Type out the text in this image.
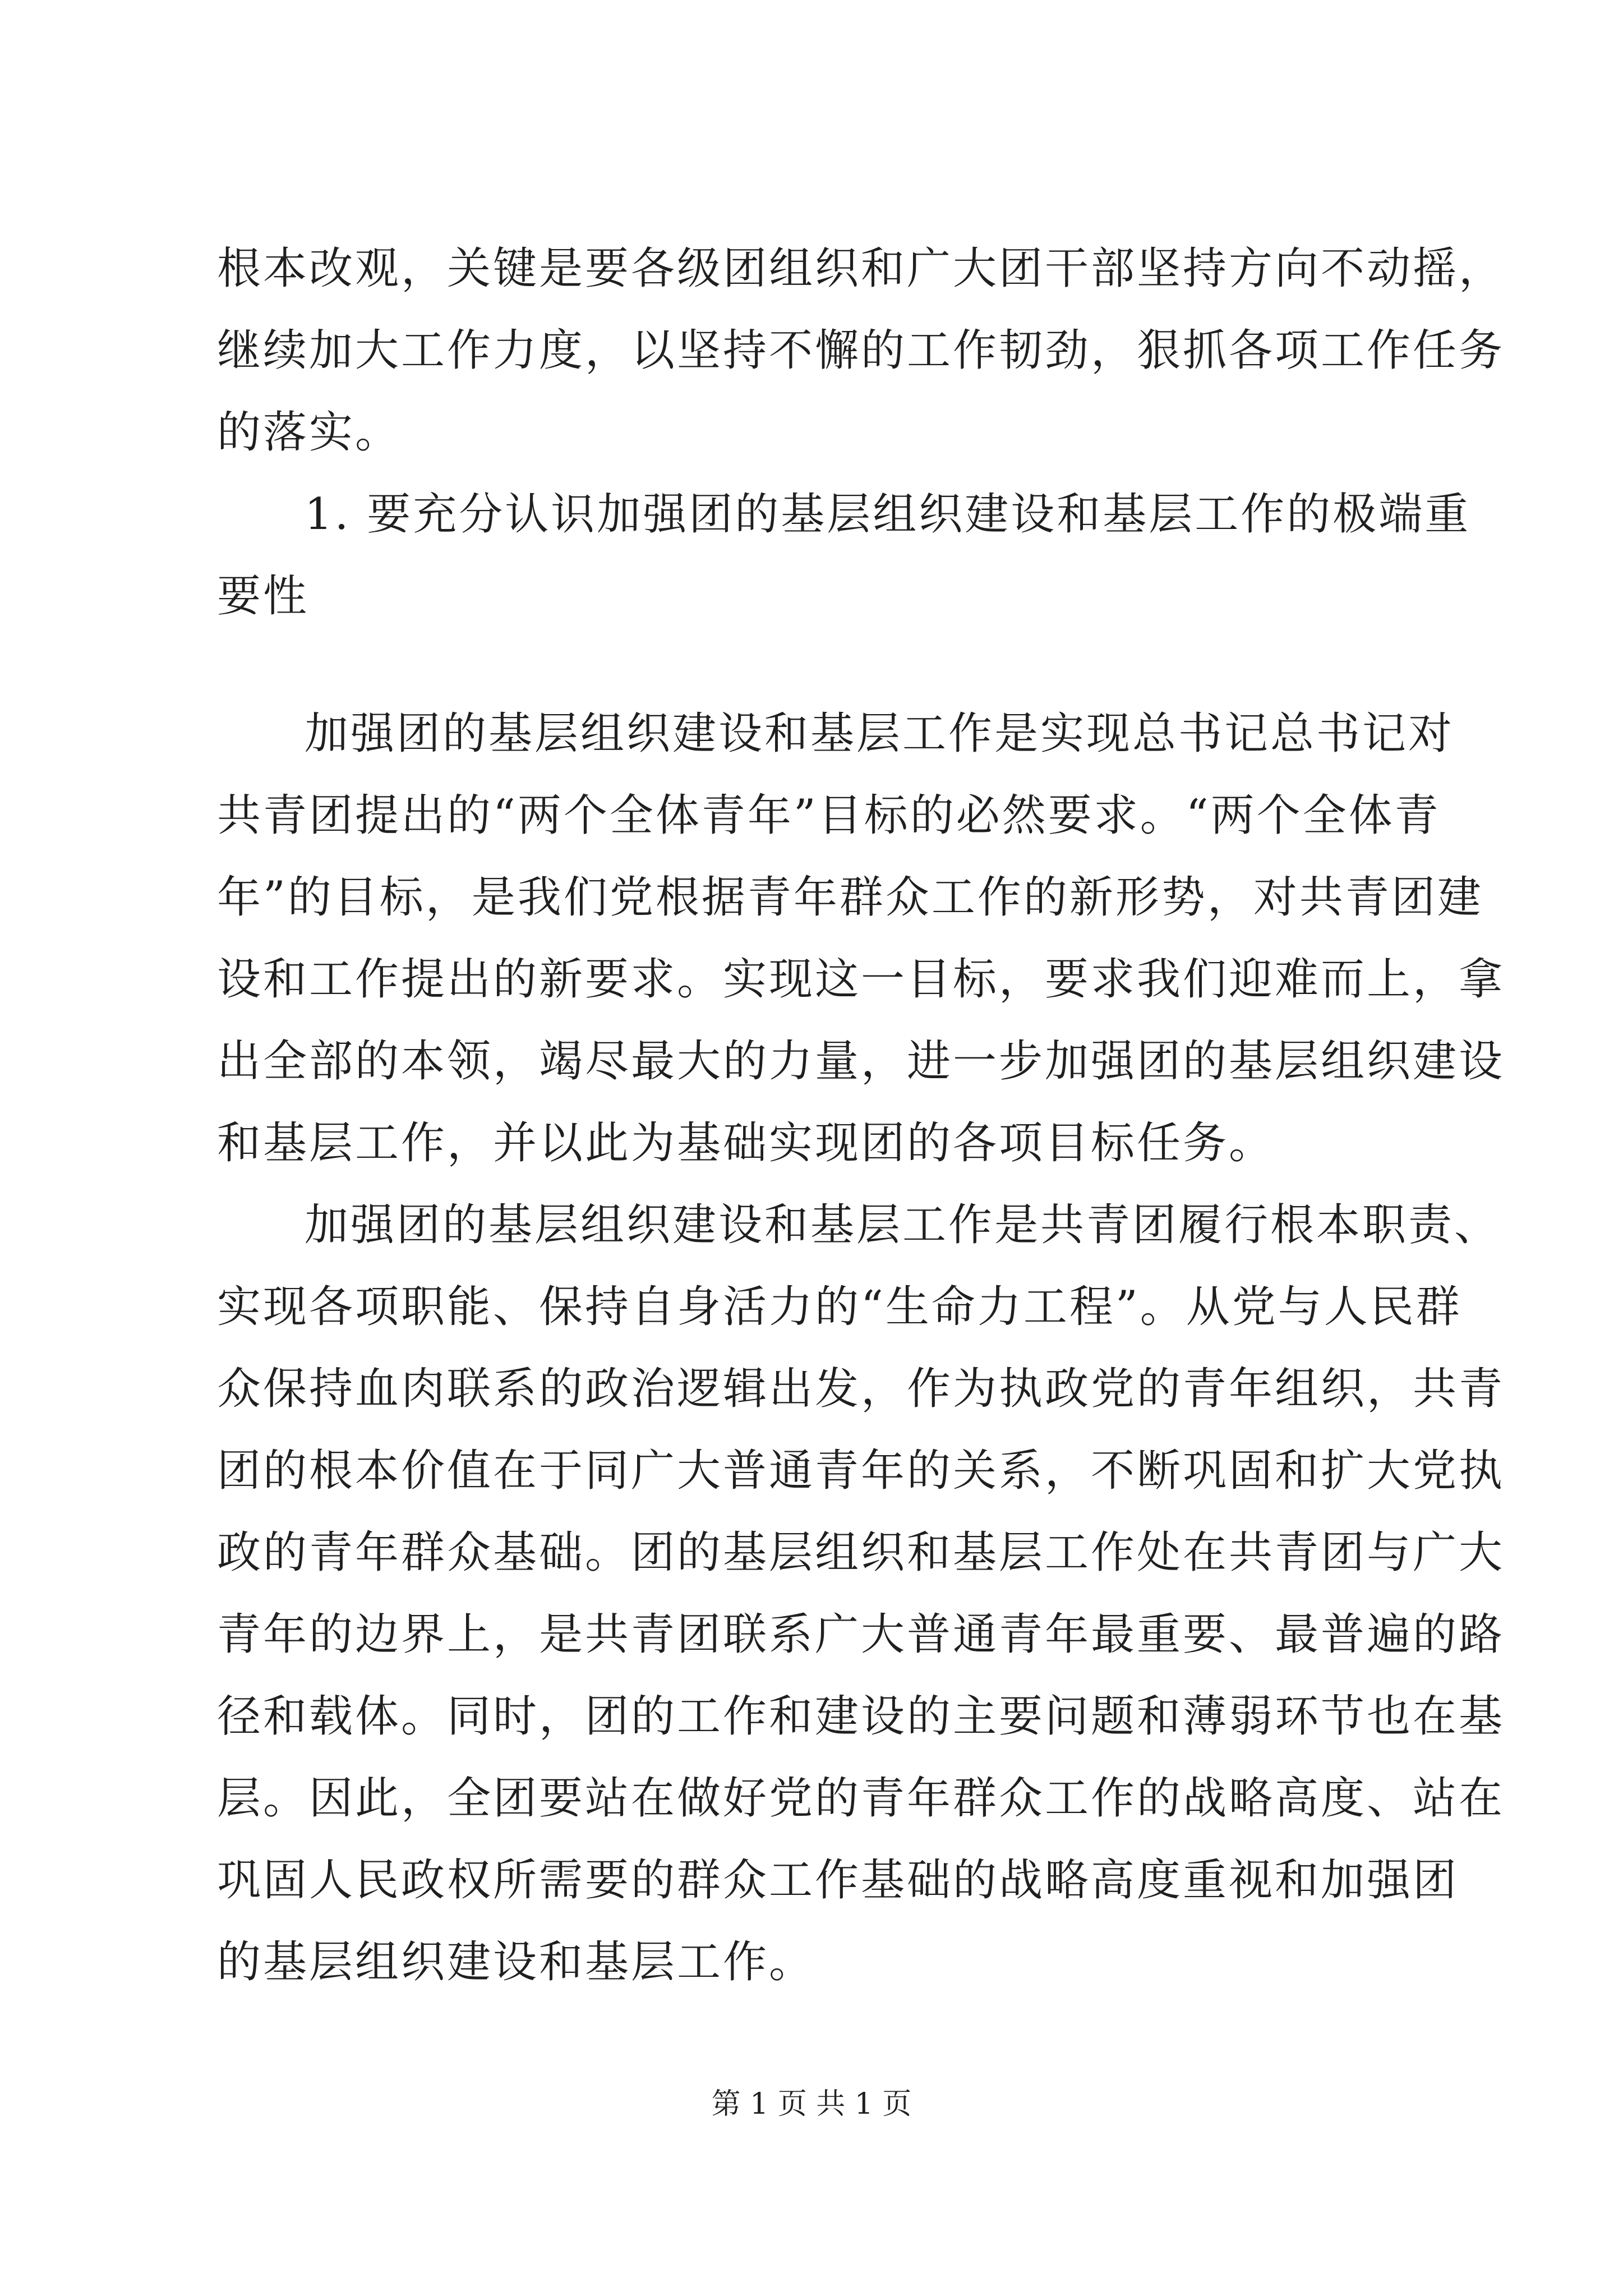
根本改观，关键是要各级团组织和广大团干部坚持方向不动摇，

继续加大工作力度，以坚持不懈的工作韧劲，狠抓各项工作任务

的落实。

1. 要充分认识加强团的基层组织建设和基层工作的极端重

要性

加强团的基层组织建设和基层工作是实现总书记总书记对

共青团提出的“两个全体青年”目标的必然要求。“两个全体青

年”的目标，是我们党根据青年群众工作的新形势，对共青团建

设和工作提出的新要求。实现这一目标，要求我们迎难而上，拿

出全部的本领，竭尽最大的力量，进一步加强团的基层组织建设

和基层工作，并以此为基础实现团的各项目标任务。

加强团的基层组织建设和基层工作是共青团履行根本职责、

实现各项职能、保持自身活力的“生命力工程”。从党与人民群

众保持血肉联系的政治逻辑出发，作为执政党的青年组织，共青

团的根本价值在于同广大普通青年的关系，不断巩固和扩大党执

政的青年群众基础。团的基层组织和基层工作处在共青团与广大

青年的边界上，是共青团联系广大普通青年最重要、最普遍的路

径和载体。同时，团的工作和建设的主要问题和薄弱环节也在基

层。因此，全团要站在做好党的青年群众工作的战略高度、站在

巩固人民政权所需要的群众工作基础的战略高度重视和加强团

的基层组织建设和基层工作。

第 1 页 共 1 页
